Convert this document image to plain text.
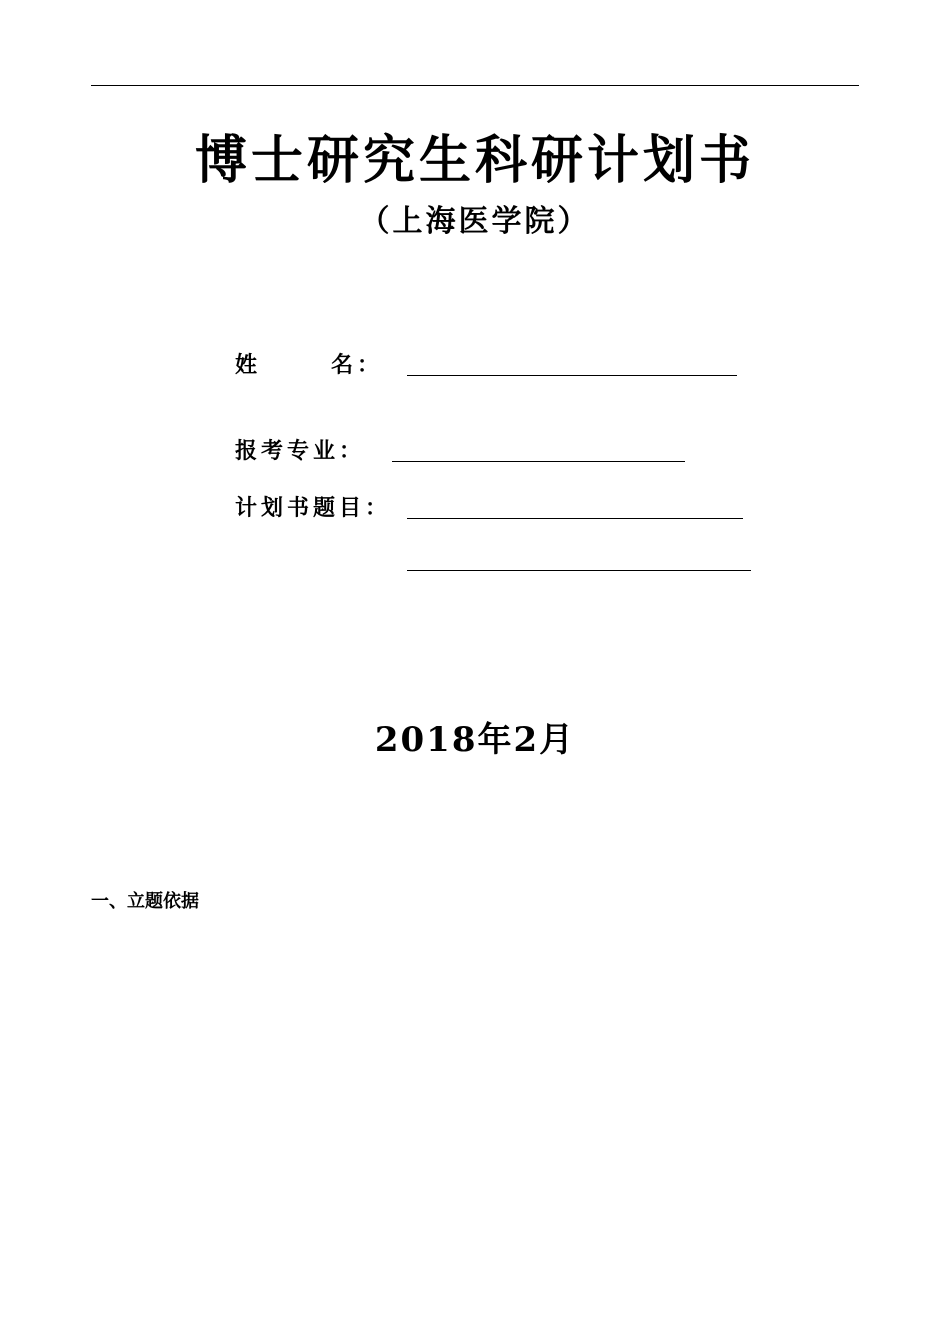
博士研究生科研计划书
（上海医学院）
姓      名：
报考专业：
计划书题目：
2018年2月
一、立题依据
